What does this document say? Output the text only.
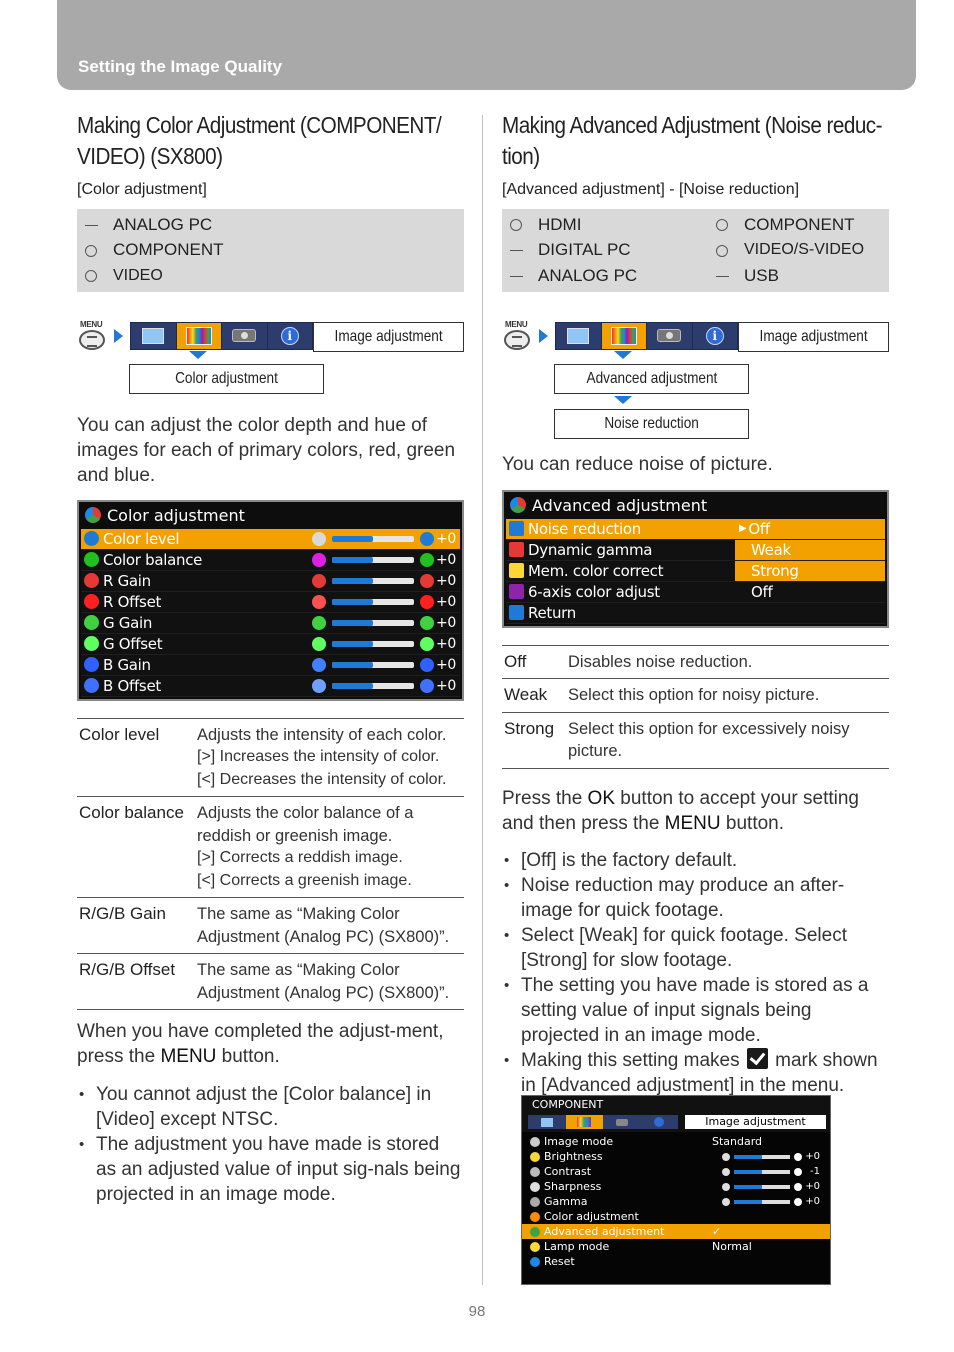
Setting the Image Quality
Making Color Adjustment (COMPONENT/ VIDEO) (SX800)
[Color adjustment]
	ANALOG PC
	COMPONENT
	VIDEO
MENU
i	Image adjustment
Color adjustment

You can adjust the color depth and hue of images for each of primary colors, red, green and blue.

Color adjustment
Color level	+0
Color balance	+0
R Gain	+0
R Offset	+0
G Gain	+0
G Offset	+0
B Gain	+0
B Offset	+0
Color level	Adjusts the intensity of each color.
[>] Increases the intensity of color.
[<] Decreases the intensity of color.

Color balance	Adjusts the color balance of a reddish or greenish image.
[>] Corrects a reddish image.
[<] Corrects a greenish image.

R/G/B Gain	The same as “Making Color Adjustment (Analog PC) (SX800)”.
R/G/B Offset	The same as “Making Color Adjustment (Analog PC) (SX800)”.

When you have completed the adjust-ment, press the MENU button.

• You cannot adjust the [Color balance] in [Video] except NTSC.
• The adjustment you have made is stored as an adjusted value of input sig-nals being projected in an image mode.
Making Advanced Adjustment (Noise reduc-tion)
[Advanced adjustment] - [Noise reduction]
	HDMI		COMPONENT
	DIGITAL PC		VIDEO/S-VIDEO
	ANALOG PC		USB
MENU
i	Image adjustment
Advanced adjustment
Noise reduction

You can reduce noise of picture.

Advanced adjustment
Noise reduction	▶ Off
Dynamic gamma	Weak
Mem. color correct	Strong
6-axis color adjust	Off
Return
Off	Disables noise reduction.
Weak	Select this option for noisy picture.
Strong	Select this option for excessively noisy picture.

Press the OK button to accept your setting and then press the MENU button.

• [Off] is the factory default.
• Noise reduction may produce an after-image for quick footage.
• Select [Weak] for quick footage. Select [Strong] for slow footage.
• The setting you have made is stored as a setting value of input signals being projected in an image mode.
• Making this setting makes  mark shown in [Advanced adjustment] in the menu.
COMPONENT
Image adjustment
Image mode	Standard
Brightness	+0
Contrast	-1
Sharpness	+0
Gamma	+0
Color adjustment
Advanced adjustment	✓
Lamp mode	Normal
Reset
98
